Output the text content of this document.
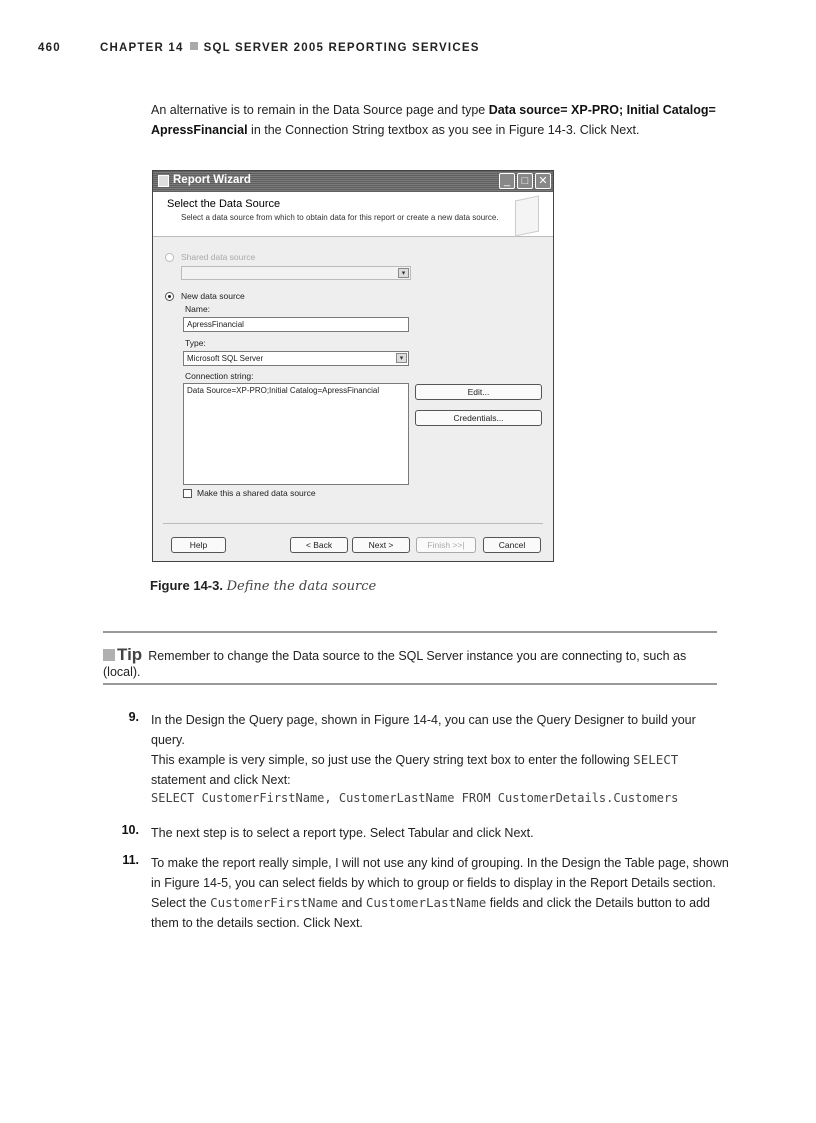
460	CHAPTER 14 SQL SERVER 2005 REPORTING SERVICES
An alternative is to remain in the Data Source page and type Data source= XP-PRO; Initial Catalog=
ApressFinancial in the Connection String textbox as you see in Figure 14-3. Click Next.
Report Wizard	_	□ ✕
Select the Data Source
Select a data source from which to obtain data for this report or create a new data source.
Shared data source
▾
New data source
Name:
ApressFinancial
Type:
Microsoft SQL Server	▾
Connection string:
Data Source=XP-PRO;Initial Catalog=ApressFinancial	Edit...
Credentials...
Make this a shared data source
Help	< Back	Next >	Finish >>|	Cancel
Figure 14-3. Define the data source
Tip Remember to change the Data source to the SQL Server instance you are connecting to, such as (local).
9. In the Design the Query page, shown in Figure 14-4, you can use the Query Designer to build your query.
This example is very simple, so just use the Query string text box to enter the following SELECT
statement and click Next:
SELECT CustomerFirstName, CustomerLastName FROM CustomerDetails.Customers
10. The next step is to select a report type. Select Tabular and click Next.
11. To make the report really simple, I will not use any kind of grouping. In the Design the Table page, shown
in Figure 14-5, you can select fields by which to group or fields to display in the Report Details section.
Select the CustomerFirstName and CustomerLastName fields and click the Details button to add
them to the details section. Click Next.
